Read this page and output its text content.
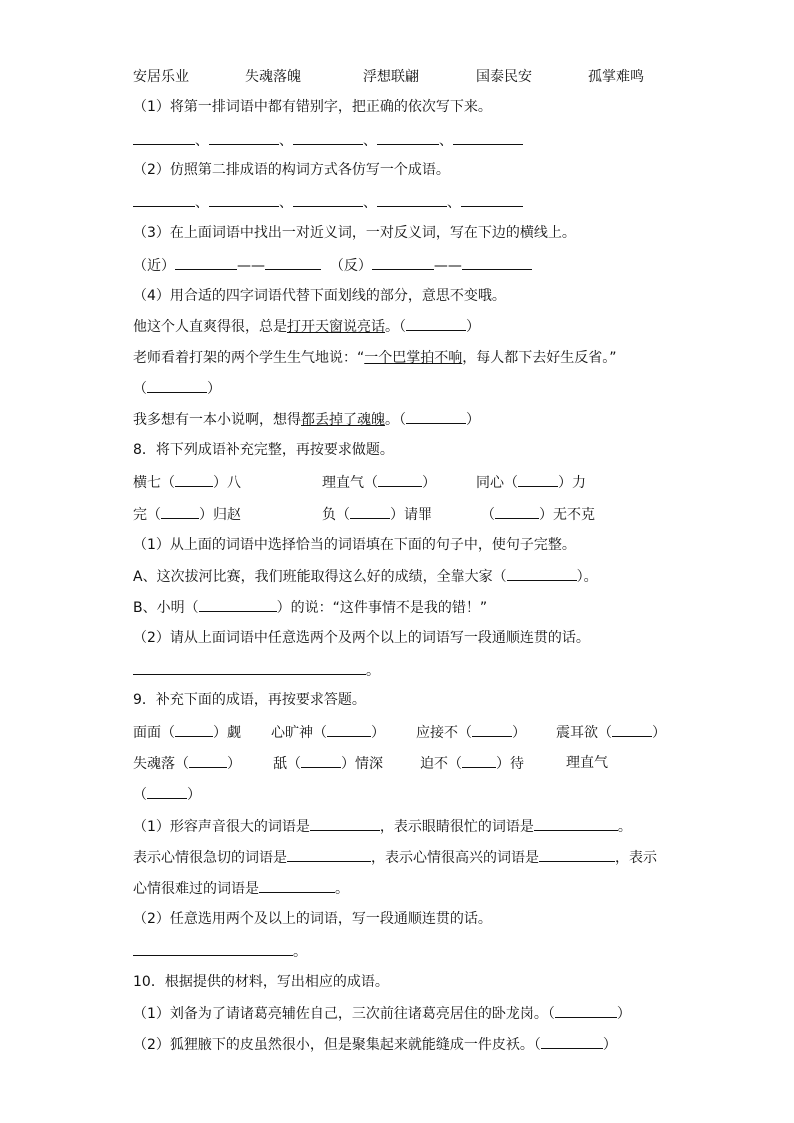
安居乐业	失魂落魄	浮想联翩	国泰民安	孤掌难鸣
（1）将第一排词语中都有错别字，把正确的依次写下来。
、	、	、	、
（2）仿照第二排成语的构词方式各仿写一个成语。
、	、	、	、
（3）在上面词语中找出一对近义词，一对反义词，写在下边的横线上。
（近）	——	（反）	——
（4）用合适的四字词语代替下面划线的部分，意思不变哦。
他这个人直爽得很，总是打开天窗说亮话。（	）
老师看着打架的两个学生生气地说：“一个巴掌拍不响，每人都下去好生反省。”
（	）
我多想有一本小说啊，想得都丢掉了魂魄。（	）
8．将下列成语补充完整，再按要求做题。
横七（	）八	理直气（	）	同心（	）力
完（	）归赵	负（	）请罪	（	）无不克
（1）从上面的词语中选择恰当的词语填在下面的句子中，使句子完整。
A、这次拔河比赛，我们班能取得这么好的成绩，全靠大家（	）。
B、小明（	）的说：“这件事情不是我的错！”
（2）请从上面词语中任意选两个及两个以上的词语写一段通顺连贯的话。
。
9．补充下面的成语，再按要求答题。
面面（	）觑 心旷神（	） 应接不（	） 震耳欲（	）
失魂落（	） 舐（	）情深	迫不（ ）待	理直气
（	）
（1）形容声音很大的词语是	，表示眼睛很忙的词语是	。
表示心情很急切的词语是	，表示心情很高兴的词语是	，表示
心情很难过的词语是	。
（2）任意选用两个及以上的词语，写一段通顺连贯的话。
。
10．根据提供的材料，写出相应的成语。
（1）刘备为了请诸葛亮辅佐自己，三次前往诸葛亮居住的卧龙岗。（	）
（2）狐狸腋下的皮虽然很小，但是聚集起来就能缝成一件皮袄。（	）
